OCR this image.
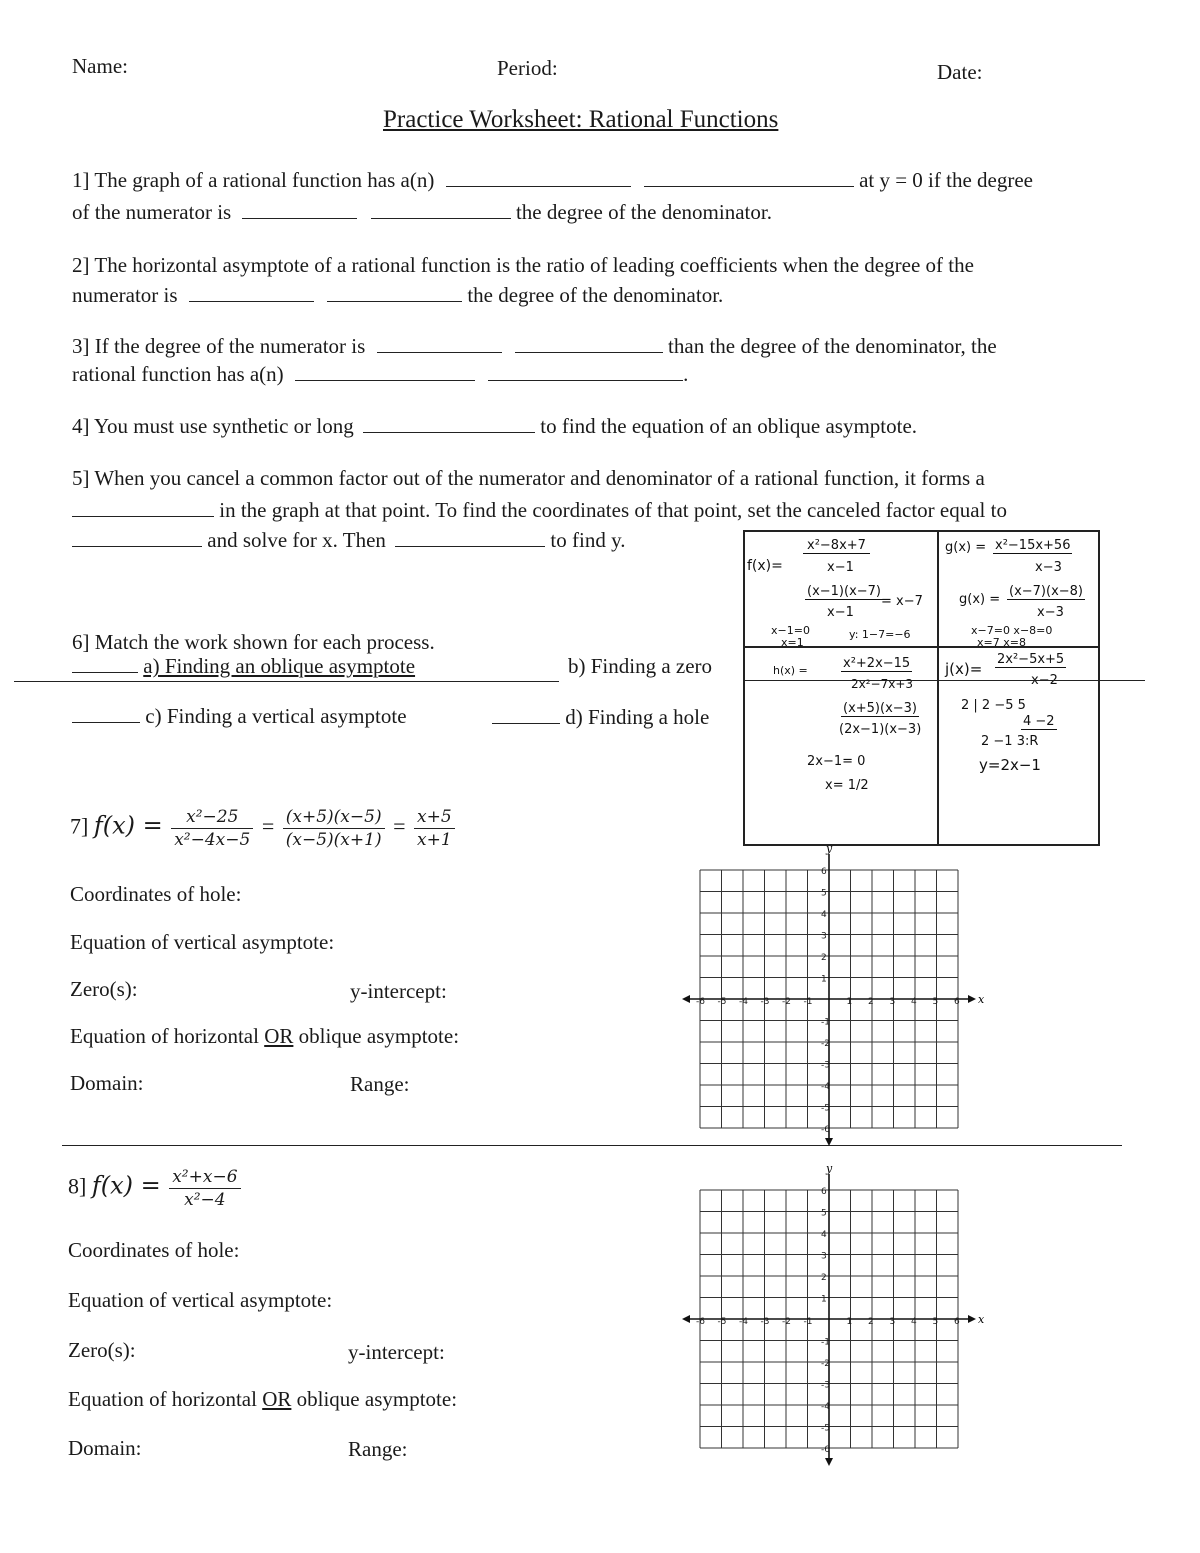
Name:	Period:	Date:
Practice Worksheet: Rational Functions
1] The graph of a rational function has a(n)	at y = 0 if the degree
of the numerator is	the degree of the denominator.
2] The horizontal asymptote of a rational function is the ratio of leading coefficients when the degree of the
numerator is	the degree of the denominator.
3] If the degree of the numerator is	than the degree of the denominator, the
rational function has a(n)	.
4] You must use synthetic or long	to find the equation of an oblique asymptote.
5] When you cancel a common factor out of the numerator and denominator of a rational function, it forms a
in the graph at that point. To find the coordinates of that point, set the canceled factor equal to
and solve for x. Then	to find y.
6] Match the work shown for each process.
a) Finding an oblique asymptote	b) Finding a zero
c) Finding a vertical asymptote	d) Finding a hole
f(x)=
x²−8x+7
x−1
(x−1)(x−7)
x−1
= x−7
x−1=0
x=1
y: 1−7=−6
g(x) = x²−15x+56
x−3
g(x) =
(x−7)(x−8)
x−3
x−7=0 x−8=0
x=7 x=8
h(x) =	x²+2x−15
2x²−7x+3
(x+5)(x−3)
(2x−1)(x−3)
2x−1= 0
x= 1/2
j(x)=
2x²−5x+5
x−2
2 | 2 −5 5
4 −2
2 −1 3:R
y=2x−1
7] $f(x) = \frac{\text{x²−25}}{\text{x²−4x−5}} = \frac{(x+5)(x-5)}{(x-5)(x+1)} = \frac{x+5}{x+1}$
Coordinates of hole:
Equation of vertical asymptote:
Zero(s):	y-intercept:
Equation of horizontal OR oblique asymptote:
Domain:	Range:
8] $f(x) = \frac{\text{x²+x−6}}{\text{x²−4}}$
Coordinates of hole:
Equation of vertical asymptote:
Zero(s):	y-intercept:
Equation of horizontal OR oblique asymptote:
Domain:	Range:
x
y
-6 -5 -4 -3 -2 -1	1 2 3 4 5 6
6
5
4
3
2
1
-1
-2
-3
-4
-5
-6
x
y
-6 -5 -4 -3 -2 -1	1 2 3 4 5 6
6
5
4
3
2
1
-1
-2
-3
-4
-5
-6
